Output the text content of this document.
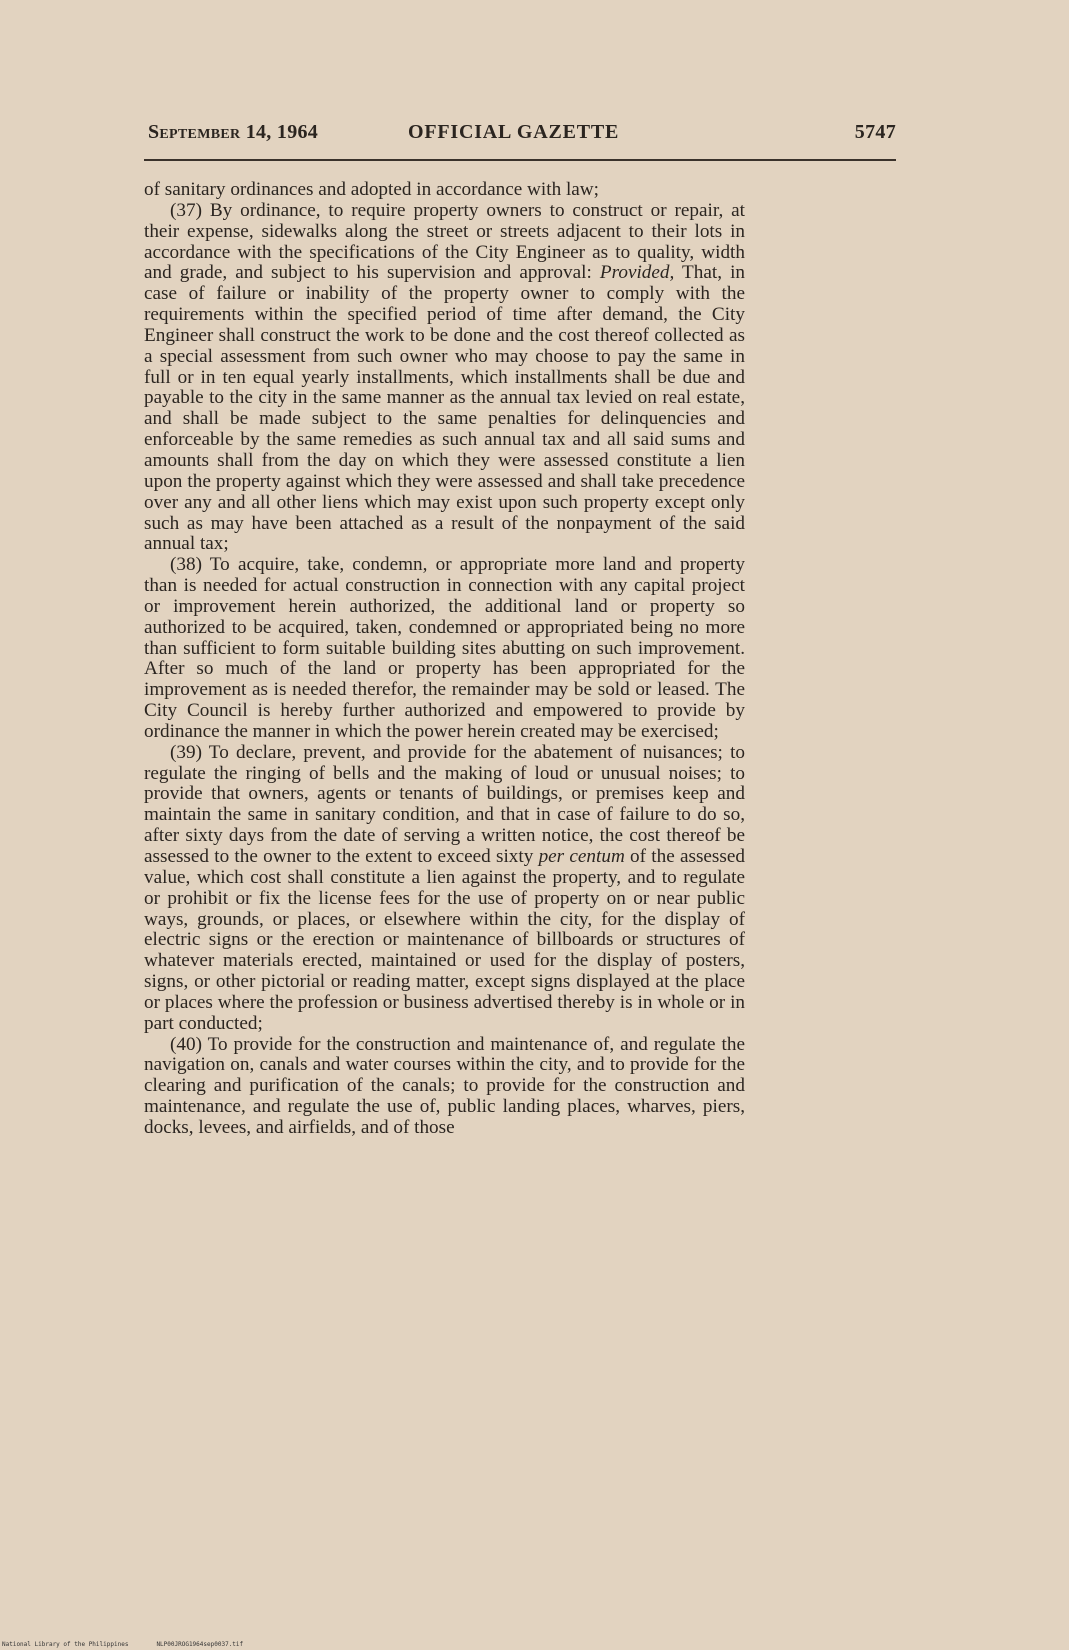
September 14, 1964	OFFICIAL GAZETTE	5747

of sanitary ordinances and adopted in accordance with law;

(37) By ordinance, to require property owners to construct or repair, at their expense, sidewalks along the street or streets adjacent to their lots in accordance with the specifications of the City Engineer as to quality, width and grade, and subject to his supervision and approval: Provided, That, in case of failure or inability of the property owner to comply with the requirements within the specified period of time after demand, the City Engineer shall construct the work to be done and the cost thereof collected as a special assessment from such owner who may choose to pay the same in full or in ten equal yearly installments, which installments shall be due and payable to the city in the same manner as the annual tax levied on real estate, and shall be made subject to the same penalties for delinquencies and enforceable by the same remedies as such annual tax and all said sums and amounts shall from the day on which they were assessed constitute a lien upon the property against which they were assessed and shall take precedence over any and all other liens which may exist upon such property except only such as may have been attached as a result of the nonpayment of the said annual tax;

(38) To acquire, take, condemn, or appropriate more land and property than is needed for actual construction in connection with any capital project or improvement herein authorized, the additional land or property so authorized to be acquired, taken, condemned or appropriated being no more than sufficient to form suitable building sites abutting on such improvement. After so much of the land or property has been appropriated for the improvement as is needed therefor, the remainder may be sold or leased. The City Council is hereby further authorized and empowered to provide by ordinance the manner in which the power herein created may be exercised;

(39) To declare, prevent, and provide for the abatement of nuisances; to regulate the ringing of bells and the making of loud or unusual noises; to provide that owners, agents or tenants of buildings, or premises keep and maintain the same in sanitary condition, and that in case of failure to do so, after sixty days from the date of serving a written notice, the cost thereof be assessed to the owner to the extent to exceed sixty per centum of the assessed value, which cost shall constitute a lien against the property, and to regulate or prohibit or fix the license fees for the use of property on or near public ways, grounds, or places, or elsewhere within the city, for the display of electric signs or the erection or maintenance of billboards or structures of whatever materials erected, maintained or used for the display of posters, signs, or other pictorial or reading matter, except signs displayed at the place or places where the profession or business advertised thereby is in whole or in part conducted;

(40) To provide for the construction and maintenance of, and regulate the navigation on, canals and water courses within the city, and to provide for the clearing and purification of the canals; to provide for the construction and maintenance, and regulate the use of, public landing places, wharves, piers, docks, levees, and airfields, and of those

National Library of the Philippines	NLP00JROG1964sep0037.tif
